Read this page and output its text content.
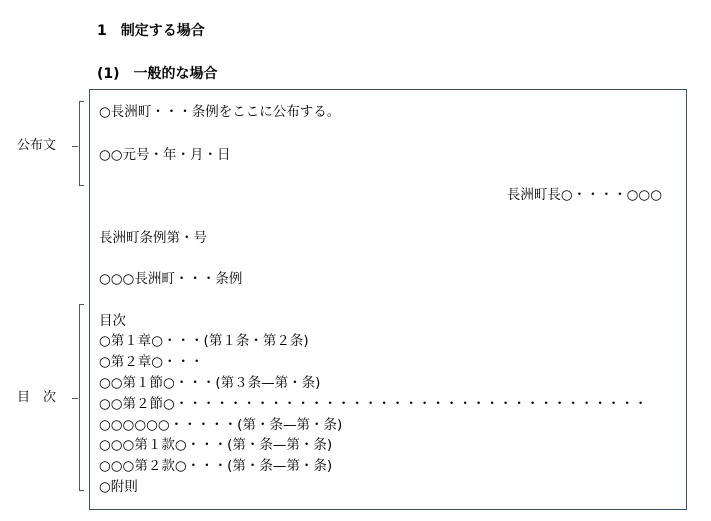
1　制定する場合
(1)　一般的な場合
公布文
目　次
○長洲町・・・条例をここに公布する。
○○元号・年・月・日
長洲町長○・・・・○○○
長洲町条例第・号
○○○長洲町・・・条例
目次
○第１章○・・・(第１条・第２条)
○第２章○・・・
○○第１節○・・・(第３条—第・条)
○○第２節○・・・・・・・・・・・・・・・・・・・・・・・・・・・・・・・・・・・
○○○○○○・・・・・(第・条—第・条)
○○○第１款○・・・(第・条—第・条)
○○○第２款○・・・(第・条—第・条)
○附則
